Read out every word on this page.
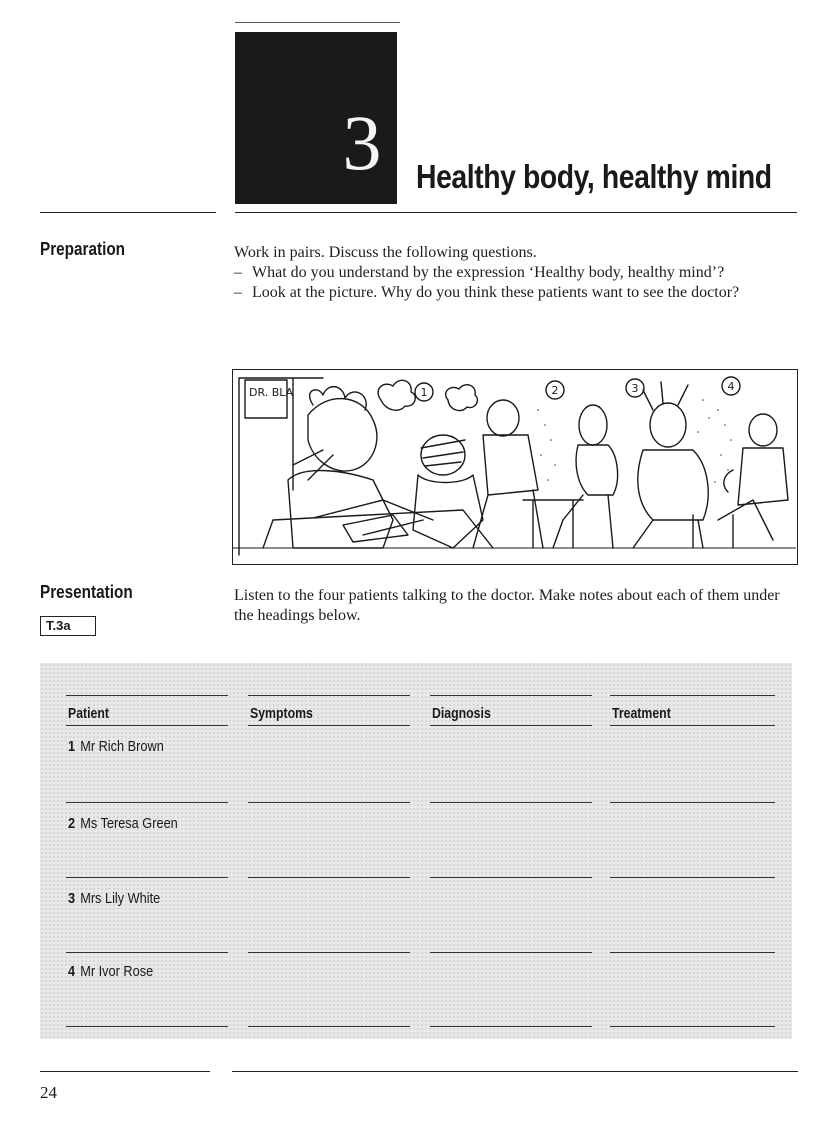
3	Healthy body, healthy mind
Preparation	Work in pairs. Discuss the following questions.
– What do you understand by the expression ‘Healthy body, healthy mind’?
– Look at the picture. Why do you think these patients want to see the doctor?
DR. BLA	1	2	3	4
Presentation
T.3a
Listen to the four patients talking to the doctor. Make notes about each of them under the headings below.
Patient	Symptoms	Diagnosis	Treatment
1 Mr Rich Brown
2 Ms Teresa Green
3 Mrs Lily White
4 Mr Ivor Rose
24
